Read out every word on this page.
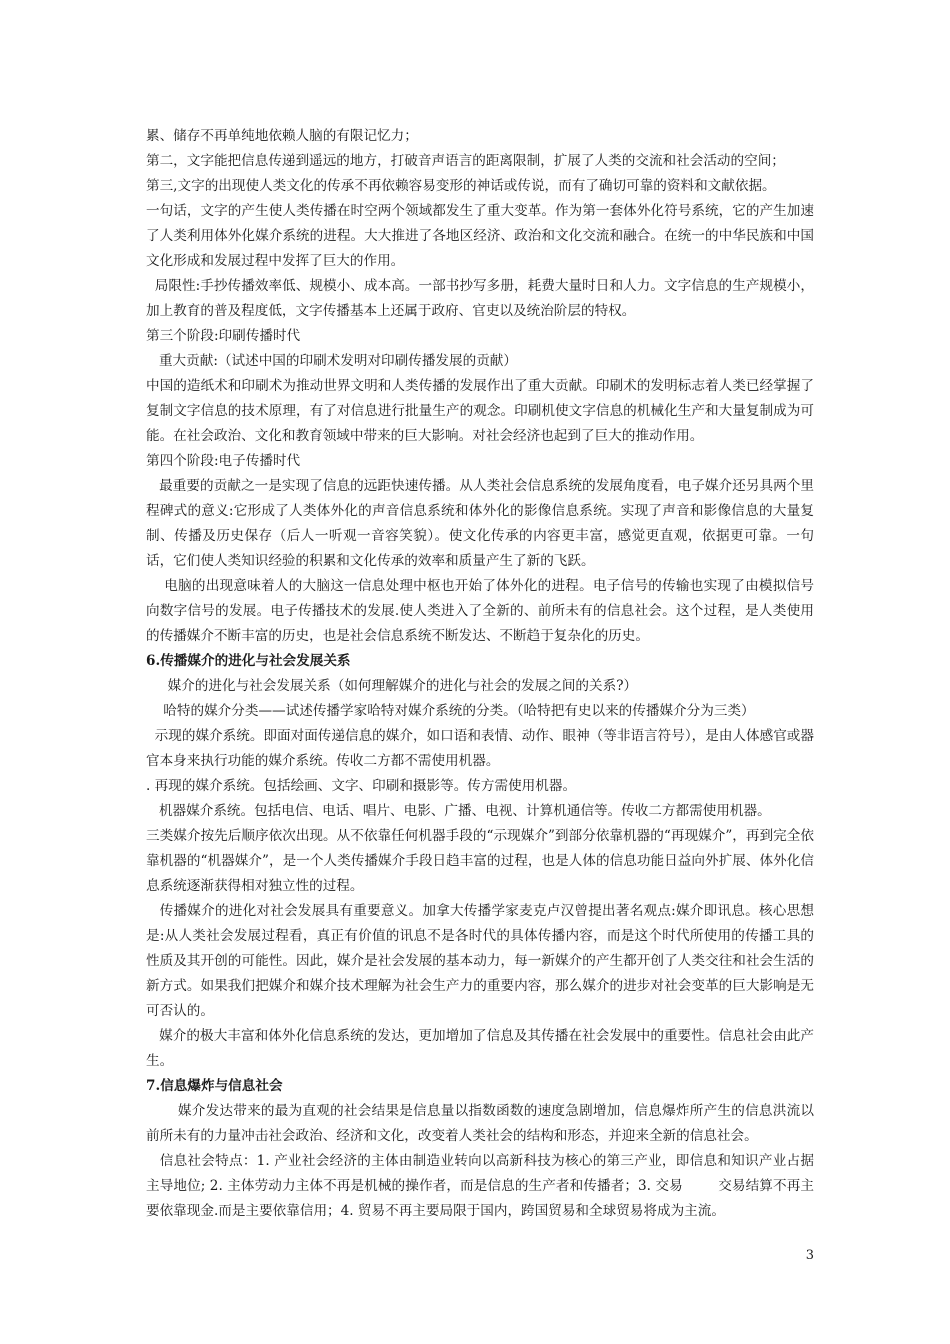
累、储存不再单纯地依赖人脑的有限记忆力；

第二，文字能把信息传递到遥远的地方，打破音声语言的距离限制，扩展了人类的交流和社会活动的空间；

第三,文字的出现使人类文化的传承不再依赖容易变形的神话或传说，而有了确切可靠的资料和文献依据。

一句话，文字的产生使人类传播在时空两个领域都发生了重大变革。作为第一套体外化符号系统，它的产生加速了人类利用体外化媒介系统的进程。大大推进了各地区经济、政治和文化交流和融合。在统一的中华民族和中国文化形成和发展过程中发挥了巨大的作用。

局限性:手抄传播效率低、规模小、成本高。一部书抄写多册，耗费大量时日和人力。文字信息的生产规模小，加上教育的普及程度低，文字传播基本上还属于政府、官吏以及统治阶层的特权。

第三个阶段:印刷传播时代

重大贡献:（试述中国的印刷术发明对印刷传播发展的贡献）

中国的造纸术和印刷术为推动世界文明和人类传播的发展作出了重大贡献。印刷术的发明标志着人类已经掌握了复制文字信息的技术原理，有了对信息进行批量生产的观念。印刷机使文字信息的机械化生产和大量复制成为可能。在社会政治、文化和教育领域中带来的巨大影响。对社会经济也起到了巨大的推动作用。

第四个阶段:电子传播时代

最重要的贡献之一是实现了信息的远距快速传播。从人类社会信息系统的发展角度看，电子媒介还另具两个里程碑式的意义:它形成了人类体外化的声音信息系统和体外化的影像信息系统。实现了声音和影像信息的大量复制、传播及历史保存（后人一听观一音容笑貌）。使文化传承的内容更丰富，感觉更直观，依据更可靠。一句话，它们使人类知识经验的积累和文化传承的效率和质量产生了新的飞跃。

电脑的出现意味着人的大脑这一信息处理中枢也开始了体外化的进程。电子信号的传输也实现了由模拟信号向数字信号的发展。电子传播技术的发展.使人类进入了全新的、前所未有的信息社会。这个过程，是人类使用的传播媒介不断丰富的历史，也是社会信息系统不断发达、不断趋于复杂化的历史。

6.传播媒介的进化与社会发展关系

媒介的进化与社会发展关系（如何理解媒介的进化与社会的发展之间的关系?）

哈特的媒介分类——试述传播学家哈特对媒介系统的分类。（哈特把有史以来的传播媒介分为三类）

示现的媒介系统。即面对面传递信息的媒介，如口语和表情、动作、眼神（等非语言符号），是由人体感官或器官本身来执行功能的媒介系统。传收二方都不需使用机器。

. 再现的媒介系统。包括绘画、文字、印刷和摄影等。传方需使用机器。

机器媒介系统。包括电信、电话、唱片、电影、广播、电视、计算机通信等。传收二方都需使用机器。

三类媒介按先后顺序依次出现。从不依靠任何机器手段的“示现媒介”到部分依靠机器的“再现媒介”，再到完全依靠机器的“机器媒介”，是一个人类传播媒介手段日趋丰富的过程，也是人体的信息功能日益向外扩展、体外化信息系统逐渐获得相对独立性的过程。

传播媒介的进化对社会发展具有重要意义。加拿大传播学家麦克卢汉曾提出著名观点:媒介即讯息。核心思想是:从人类社会发展过程看，真正有价值的讯息不是各时代的具体传播内容，而是这个时代所使用的传播工具的性质及其开创的可能性。因此，媒介是社会发展的基本动力，每一新媒介的产生都开创了人类交往和社会生活的新方式。如果我们把媒介和媒介技术理解为社会生产力的重要内容，那么媒介的进步对社会变革的巨大影响是无可否认的。

媒介的极大丰富和体外化信息系统的发达，更加增加了信息及其传播在社会发展中的重要性。信息社会由此产生。

7.信息爆炸与信息社会

媒介发达带来的最为直观的社会结果是信息量以指数函数的速度急剧增加，信息爆炸所产生的信息洪流以前所未有的力量冲击社会政治、经济和文化，改变着人类社会的结构和形态，并迎来全新的信息社会。

信息社会特点：1. 产业社会经济的主体由制造业转向以高新科技为核心的第三产业，即信息和知识产业占据主导地位; 2. 主体劳动力主体不再是机械的操作者，而是信息的生产者和传播者；3. 交易        交易结算不再主要依靠现金.而是主要依靠信用；4. 贸易不再主要局限于国内，跨国贸易和全球贸易将成为主流。

3
